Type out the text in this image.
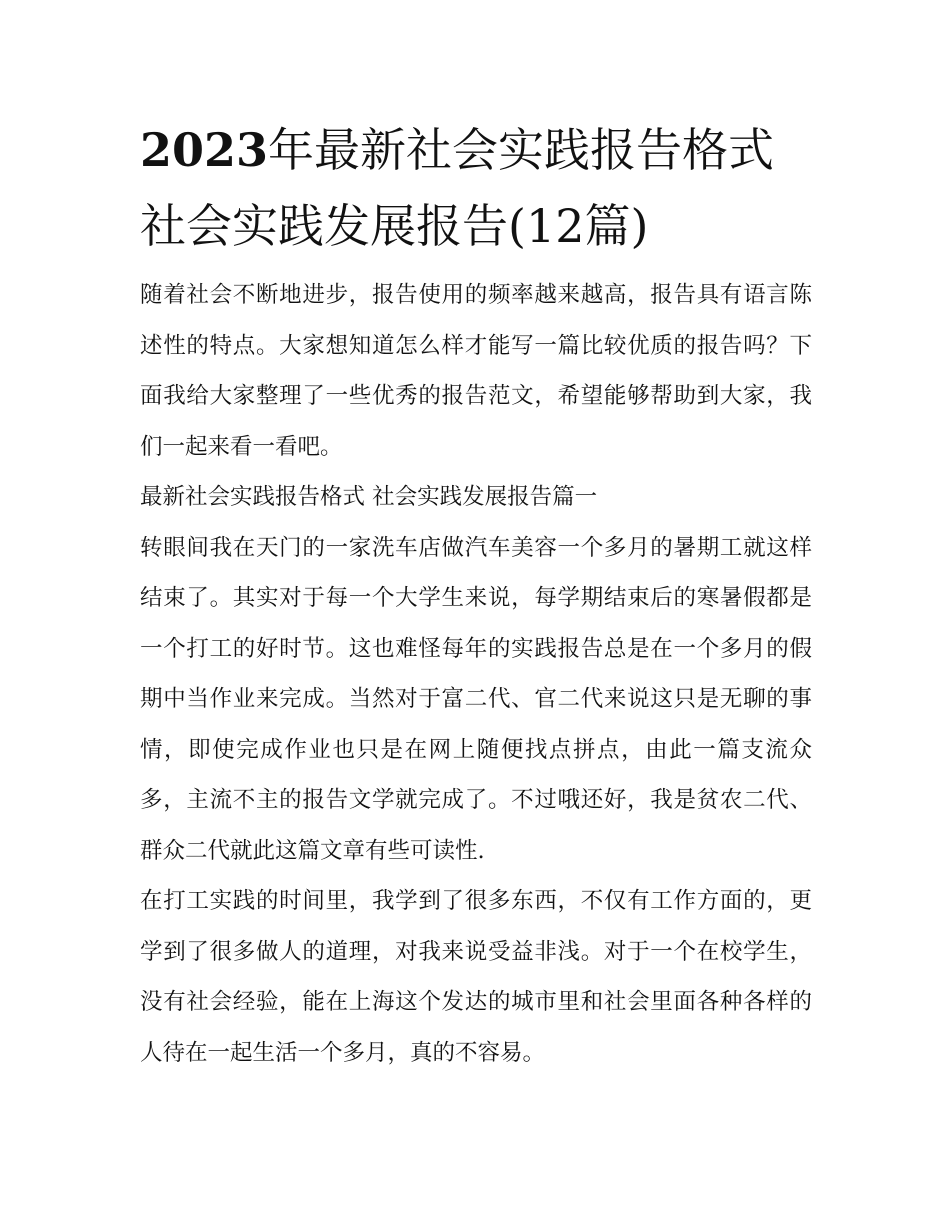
2023年最新社会实践报告格式
社会实践发展报告(12篇)

随着社会不断地进步，报告使用的频率越来越高，报告具有语言陈述性的特点。大家想知道怎么样才能写一篇比较优质的报告吗？下面我给大家整理了一些优秀的报告范文，希望能够帮助到大家，我们一起来看一看吧。

最新社会实践报告格式 社会实践发展报告篇一

转眼间我在天门的一家洗车店做汽车美容一个多月的暑期工就这样结束了。其实对于每一个大学生来说，每学期结束后的寒暑假都是一个打工的好时节。这也难怪每年的实践报告总是在一个多月的假期中当作业来完成。当然对于富二代、官二代来说这只是无聊的事情，即使完成作业也只是在网上随便找点拼点，由此一篇支流众多，主流不主的报告文学就完成了。不过哦还好，我是贫农二代、群众二代就此这篇文章有些可读性.

在打工实践的时间里，我学到了很多东西，不仅有工作方面的，更学到了很多做人的道理，对我来说受益非浅。对于一个在校学生，没有社会经验，能在上海这个发达的城市里和社会里面各种各样的人待在一起生活一个多月，真的不容易。
